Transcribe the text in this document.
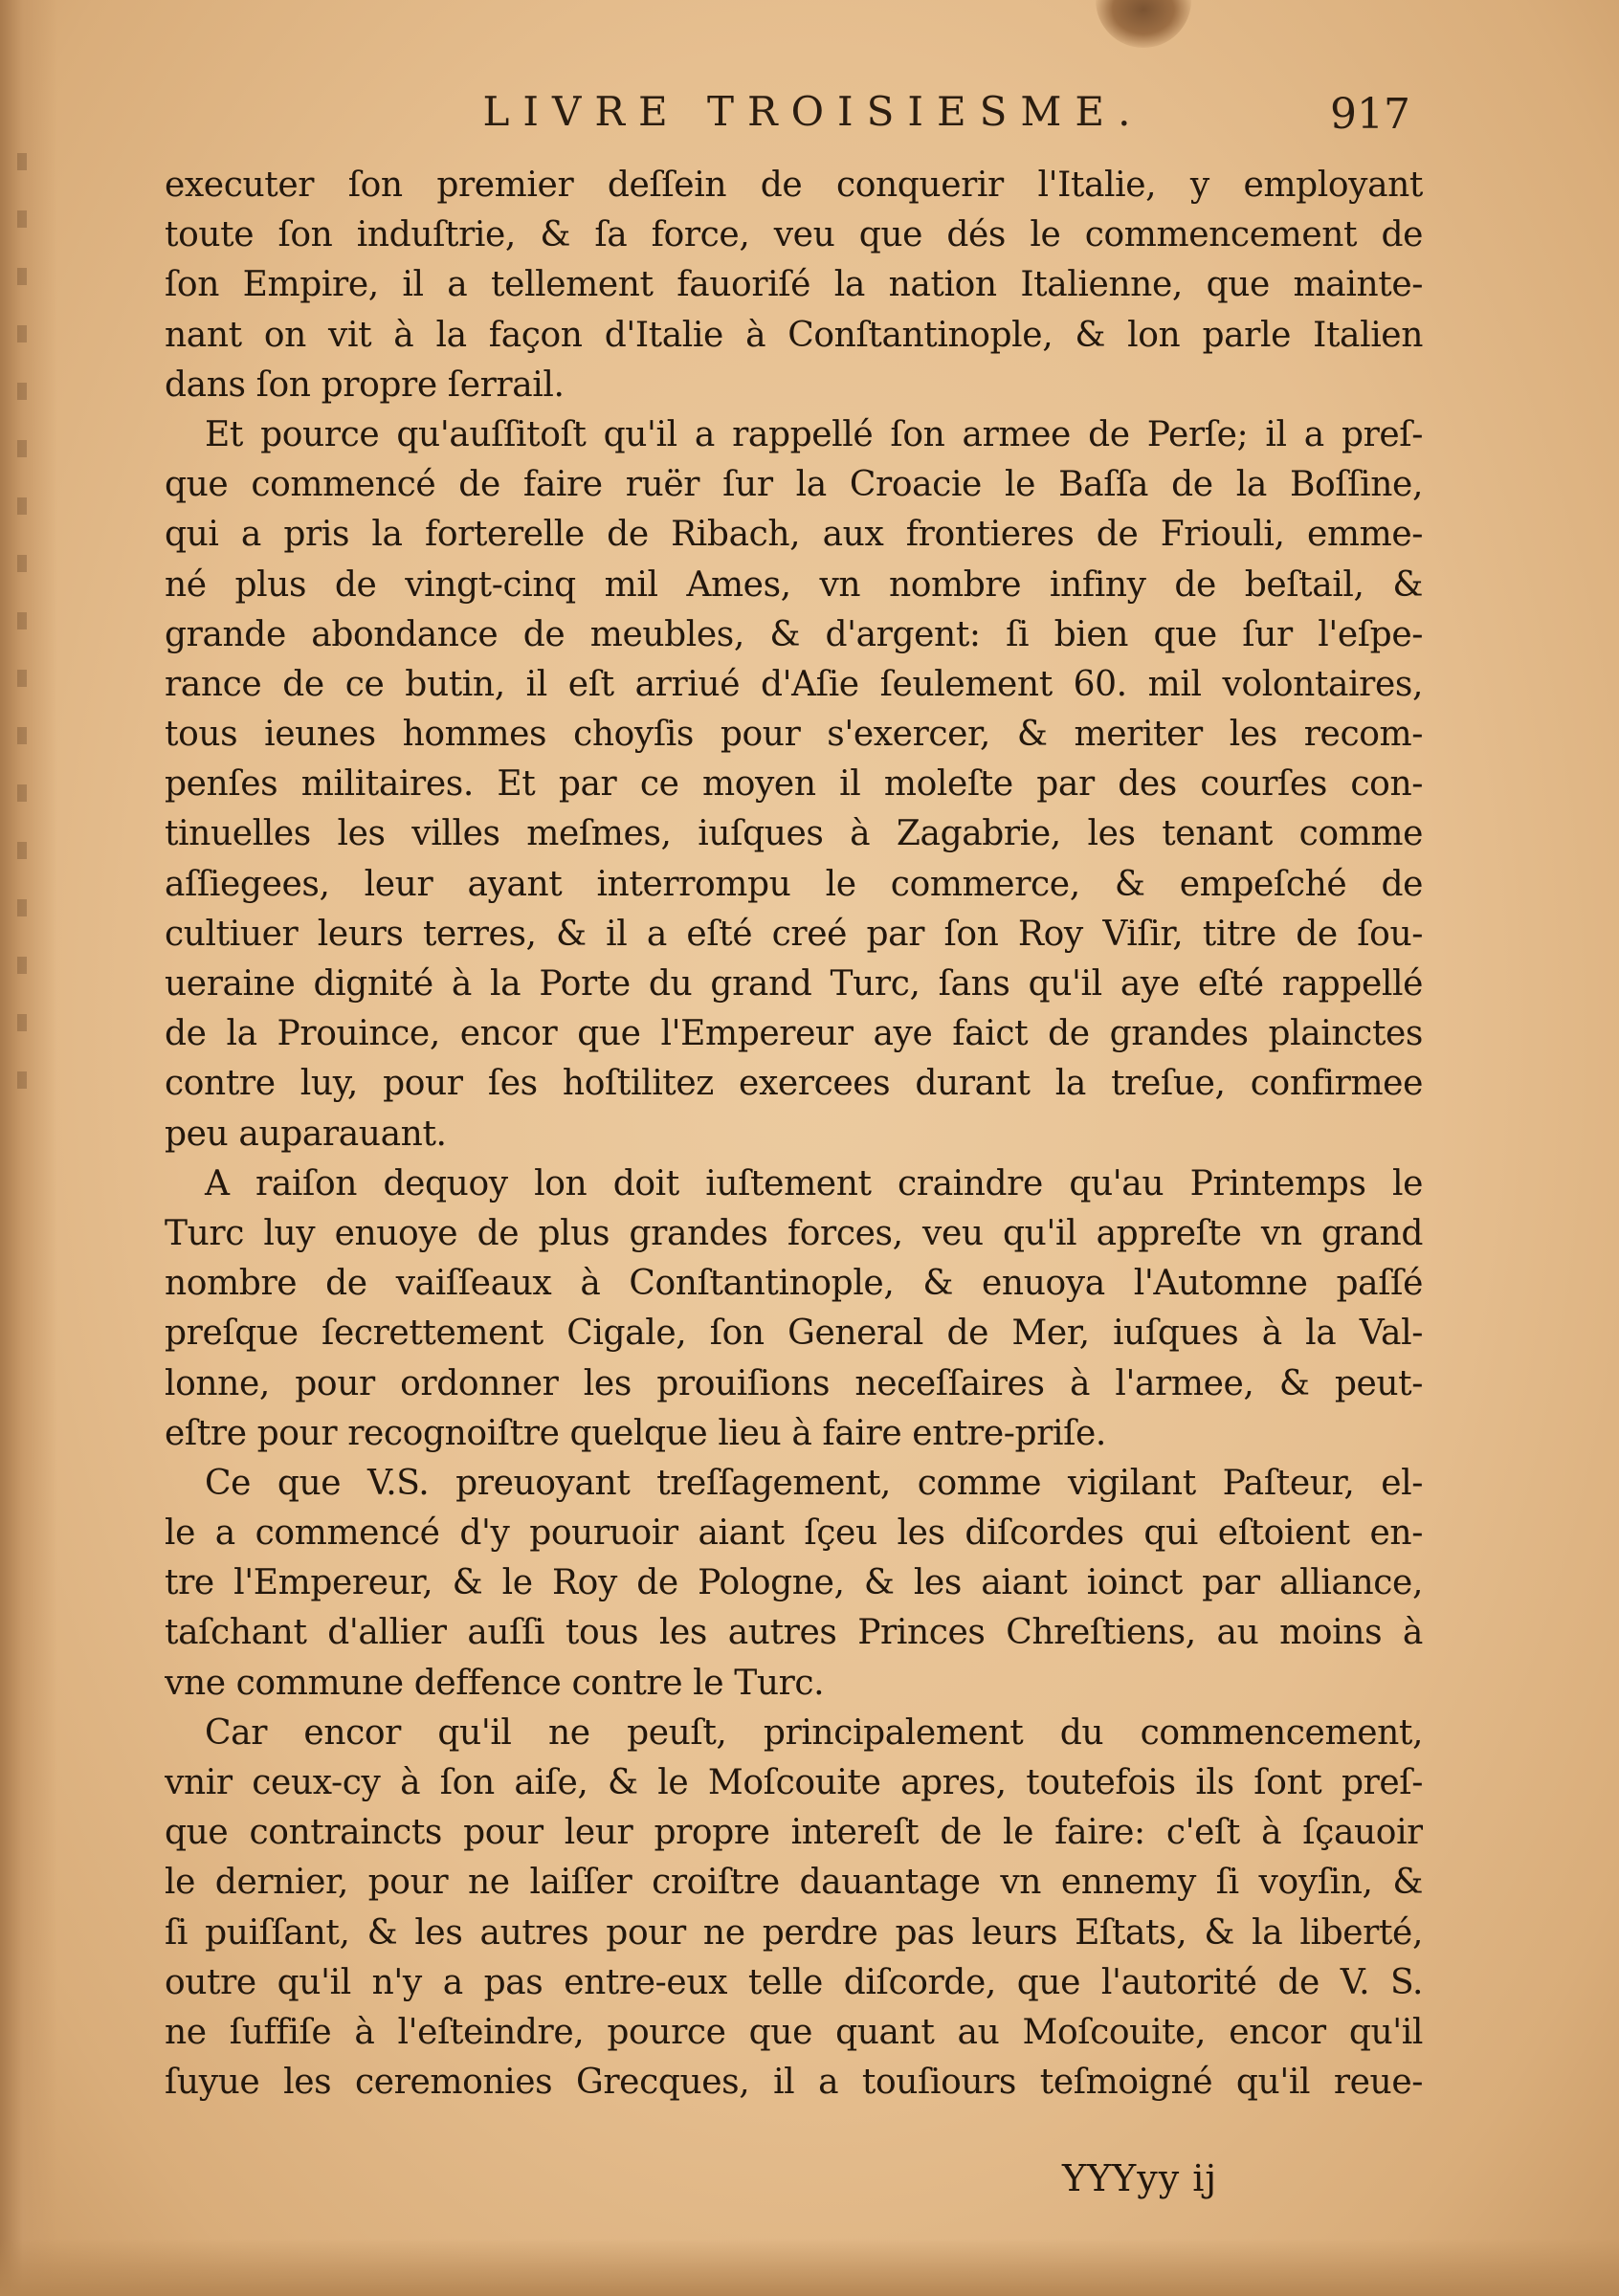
LIVRE TROISIESME.	917
executer ſon premier deſſein de conquerir l'Italie, y employant
toute ſon induſtrie, & ſa force, veu que dés le commencement de
ſon Empire, il a tellement fauoriſé la nation Italienne, que mainte-
nant on vit à la façon d'Italie à Conſtantinople, & lon parle Italien
dans ſon propre ſerrail.
Et pource qu'auſſitoſt qu'il a rappellé ſon armee de Perſe; il a preſ-
que commencé de faire ruër ſur la Croacie le Baſſa de la Boſſine,
qui a pris la forterelle de Ribach, aux frontieres de Friouli, emme-
né plus de vingt-cinq mil Ames, vn nombre infiny de beſtail, &
grande abondance de meubles, & d'argent: ſi bien que ſur l'eſpe-
rance de ce butin, il eſt arriué d'Aſie ſeulement 60. mil volontaires,
tous ieunes hommes choyſis pour s'exercer, & meriter les recom-
penſes militaires. Et par ce moyen il moleſte par des courſes con-
tinuelles les villes meſmes, iuſques à Zagabrie, les tenant comme
aſſiegees, leur ayant interrompu le commerce, & empeſché de
cultiuer leurs terres, & il a eſté creé par ſon Roy Viſir, titre de ſou-
ueraine dignité à la Porte du grand Turc, ſans qu'il aye eſté rappellé
de la Prouince, encor que l'Empereur aye faict de grandes plainctes
contre luy, pour ſes hoſtilitez exercees durant la treſue, confirmee
peu auparauant.
A raiſon dequoy lon doit iuſtement craindre qu'au Printemps le
Turc luy enuoye de plus grandes forces, veu qu'il appreſte vn grand
nombre de vaiſſeaux à Conſtantinople, & enuoya l'Automne paſſé
preſque ſecrettement Cigale, ſon General de Mer, iuſques à la Val-
lonne, pour ordonner les prouiſions neceſſaires à l'armee, & peut-
eſtre pour recognoiſtre quelque lieu à faire entre-priſe.
Ce que V.S. preuoyant treſſagement, comme vigilant Paſteur, el-
le a commencé d'y pouruoir aiant ſçeu les diſcordes qui eſtoient en-
tre l'Empereur, & le Roy de Pologne, & les aiant ioinct par alliance,
taſchant d'allier auſſi tous les autres Princes Chreſtiens, au moins à
vne commune deffence contre le Turc.
Car encor qu'il ne peuſt, principalement du commencement,
vnir ceux-cy à ſon aiſe, & le Moſcouite apres, toutefois ils ſont preſ-
que contraincts pour leur propre intereſt de le faire: c'eſt à ſçauoir
le dernier, pour ne laiſſer croiſtre dauantage vn ennemy ſi voyſin, &
ſi puiſſant, & les autres pour ne perdre pas leurs Eſtats, & la liberté,
outre qu'il n'y a pas entre-eux telle diſcorde, que l'autorité de V. S.
ne ſuffiſe à l'eſteindre, pource que quant au Moſcouite, encor qu'il
ſuyue les ceremonies Grecques, il a touſiours teſmoigné qu'il reue-
YYYyy ij
